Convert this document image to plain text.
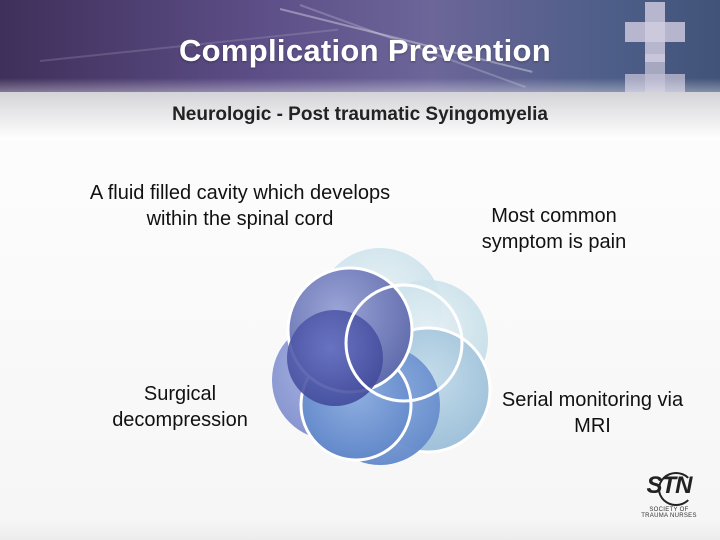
Complication Prevention
Neurologic - Post traumatic Syingomyelia
A fluid filled cavity which develops within the spinal cord	Most common symptom is pain
Surgical decompression
Serial monitoring via MRI
STN
SOCIETY OF TRAUMA NURSES
